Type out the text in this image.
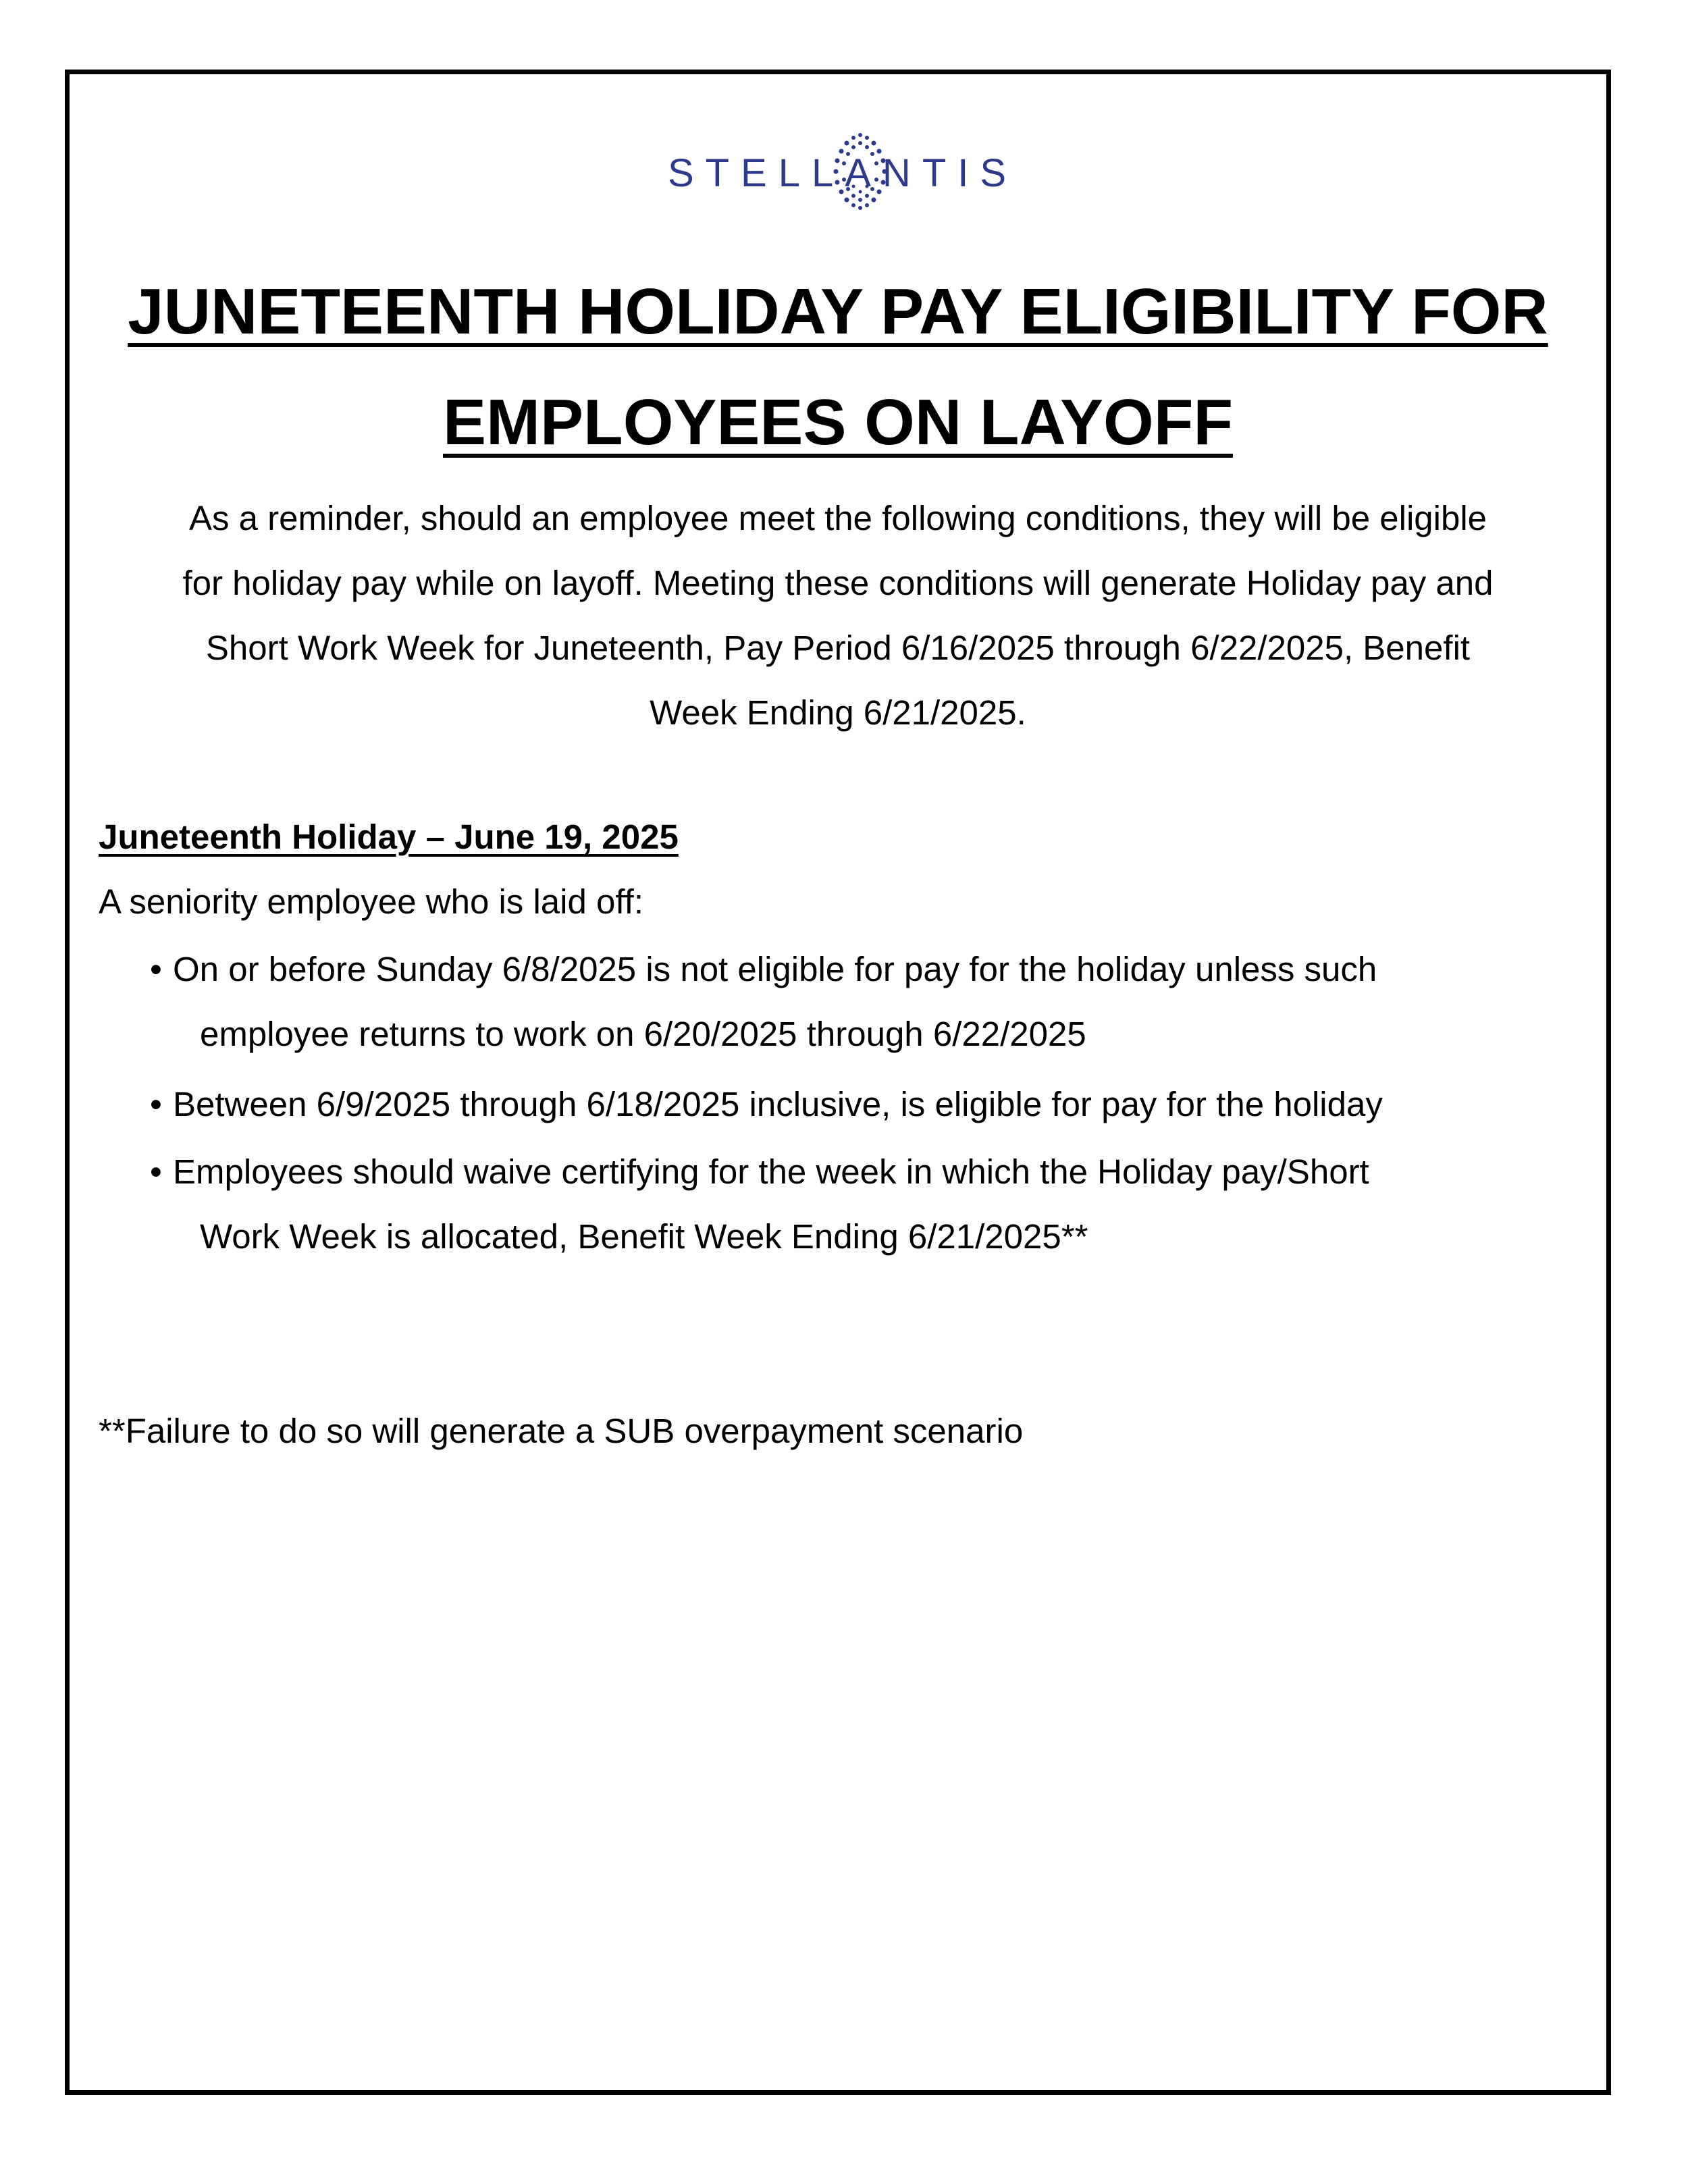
STELLANTIS
JUNETEENTH HOLIDAY PAY ELIGIBILITY FOR
EMPLOYEES ON LAYOFF
As a reminder, should an employee meet the following conditions, they will be eligible
for holiday pay while on layoff. Meeting these conditions will generate Holiday pay and
Short Work Week for Juneteenth, Pay Period 6/16/2025 through 6/22/2025, Benefit
Week Ending 6/21/2025.
Juneteenth Holiday – June 19, 2025
A seniority employee who is laid off:
• On or before Sunday 6/8/2025 is not eligible for pay for the holiday unless such
employee returns to work on 6/20/2025 through 6/22/2025
• Between 6/9/2025 through 6/18/2025 inclusive, is eligible for pay for the holiday
• Employees should waive certifying for the week in which the Holiday pay/Short
Work Week is allocated, Benefit Week Ending 6/21/2025**
**Failure to do so will generate a SUB overpayment scenario
